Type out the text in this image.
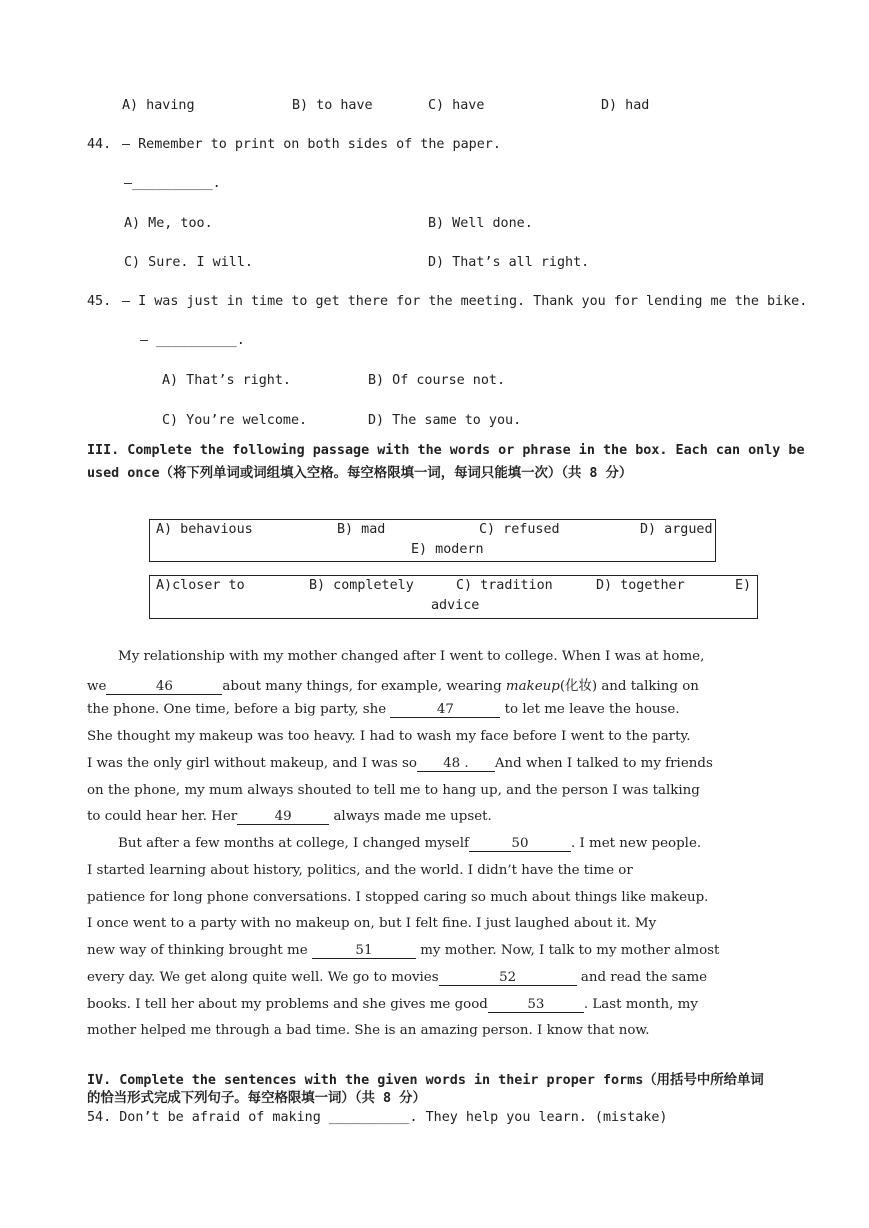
A) having	B) to have	C) have	D) had
44. — Remember to print on both sides of the paper.
—__________.
A) Me, too.	B) Well done.
C) Sure. I will.	D) That’s all right.
45. — I was just in time to get there for the meeting. Thank you for lending me the bike.
— __________.
A) That’s right.	B) Of course not.
C) You’re welcome.	D) The same to you.
III. Complete the following passage with the words or phrase in the box. Each can only be
used once（将下列单词或词组填入空格。每空格限填一词，每词只能填一次）（共 8 分）
A) behavious	B) mad	C) refused	D) argued
E) modern
A)closer to	B) completely	C) tradition	D) together	E)
advice
My relationship with my mother changed after I went to college. When I was at home,
we	46	about many things, for example, wearing makeup(化妆) and talking on
the phone. One time, before a big party, she	47	to let me leave the house.
She thought my makeup was too heavy. I had to wash my face before I went to the party.
I was the only girl without makeup, and I was so 48 . And when I talked to my friends
on the phone, my mum always shouted to tell me to hang up, and the person I was talking
to could hear her. Her	49	always made me upset.
But after a few months at college, I changed myself	50	. I met new people.
I started learning about history, politics, and the world. I didn’t have the time or
patience for long phone conversations. I stopped caring so much about things like makeup.
I once went to a party with no makeup on, but I felt fine. I just laughed about it. My
new way of thinking brought me	51	my mother. Now, I talk to my mother almost
every day. We get along quite well. We go to movies	52	and read the same
books. I tell her about my problems and she gives me good	53	. Last month, my
mother helped me through a bad time. She is an amazing person. I know that now.
IV. Complete the sentences with the given words in their proper forms（用括号中所给单词
的恰当形式完成下列句子。每空格限填一词）（共 8 分）
54. Don’t be afraid of making __________. They help you learn. (mistake)
